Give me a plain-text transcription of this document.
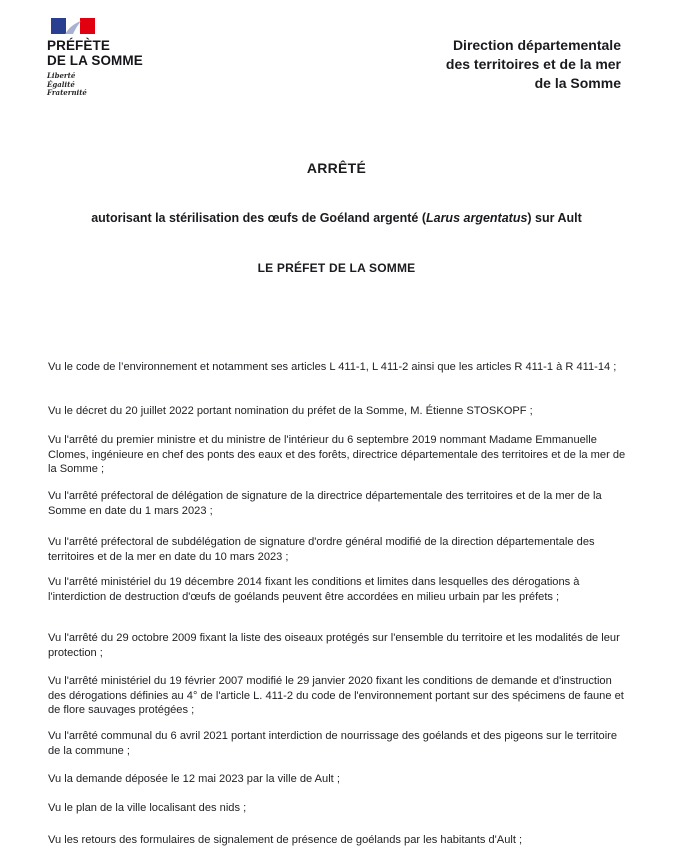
PRÉFÈTE
DE LA SOMME
Liberté
Égalité
Fraternité
Direction départementale
des territoires et de la mer
de la Somme
ARRÊTÉ
autorisant la stérilisation des œufs de Goéland argenté (Larus argentatus) sur Ault
LE PRÉFET DE LA SOMME
Vu le code de l’environnement et notamment ses articles L 411-1, L 411-2 ainsi que les articles R 411-1 à R 411-14 ;
Vu le décret du 20 juillet 2022 portant nomination du préfet de la Somme, M. Étienne STOSKOPF ;
Vu l'arrêté du premier ministre et du ministre de l'intérieur du 6 septembre 2019 nommant Madame Emmanuelle Clomes, ingénieure en chef des ponts des eaux et des forêts, directrice départementale des territoires et de la mer de la Somme ;
Vu l'arrêté préfectoral de délégation de signature de la directrice départementale des territoires et de la mer de la Somme en date du 1 mars 2023 ;
Vu l'arrêté préfectoral de subdélégation de signature d'ordre général modifié de la direction départementale des territoires et de la mer en date du 10 mars 2023 ;
Vu l'arrêté ministériel du 19 décembre 2014 fixant les conditions et limites dans lesquelles des dérogations à l'interdiction de destruction d'œufs de goélands peuvent être accordées en milieu urbain par les préfets ;
Vu l'arrêté du 29 octobre 2009 fixant la liste des oiseaux protégés sur l'ensemble du territoire et les modalités de leur protection ;
Vu l'arrêté ministériel du 19 février 2007 modifié le 29 janvier 2020 fixant les conditions de demande et d'instruction des dérogations définies au 4° de l'article L. 411-2 du code de l'environnement portant sur des spécimens de faune et de flore sauvages protégées ;
Vu l'arrêté communal du 6 avril 2021 portant interdiction de nourrissage des goélands et des pigeons sur le territoire de la commune ;
Vu la demande déposée le 12 mai 2023 par la ville de Ault ;
Vu le plan de la ville localisant des nids ;
Vu les retours des formulaires de signalement de présence de goélands par les habitants d'Ault ;
